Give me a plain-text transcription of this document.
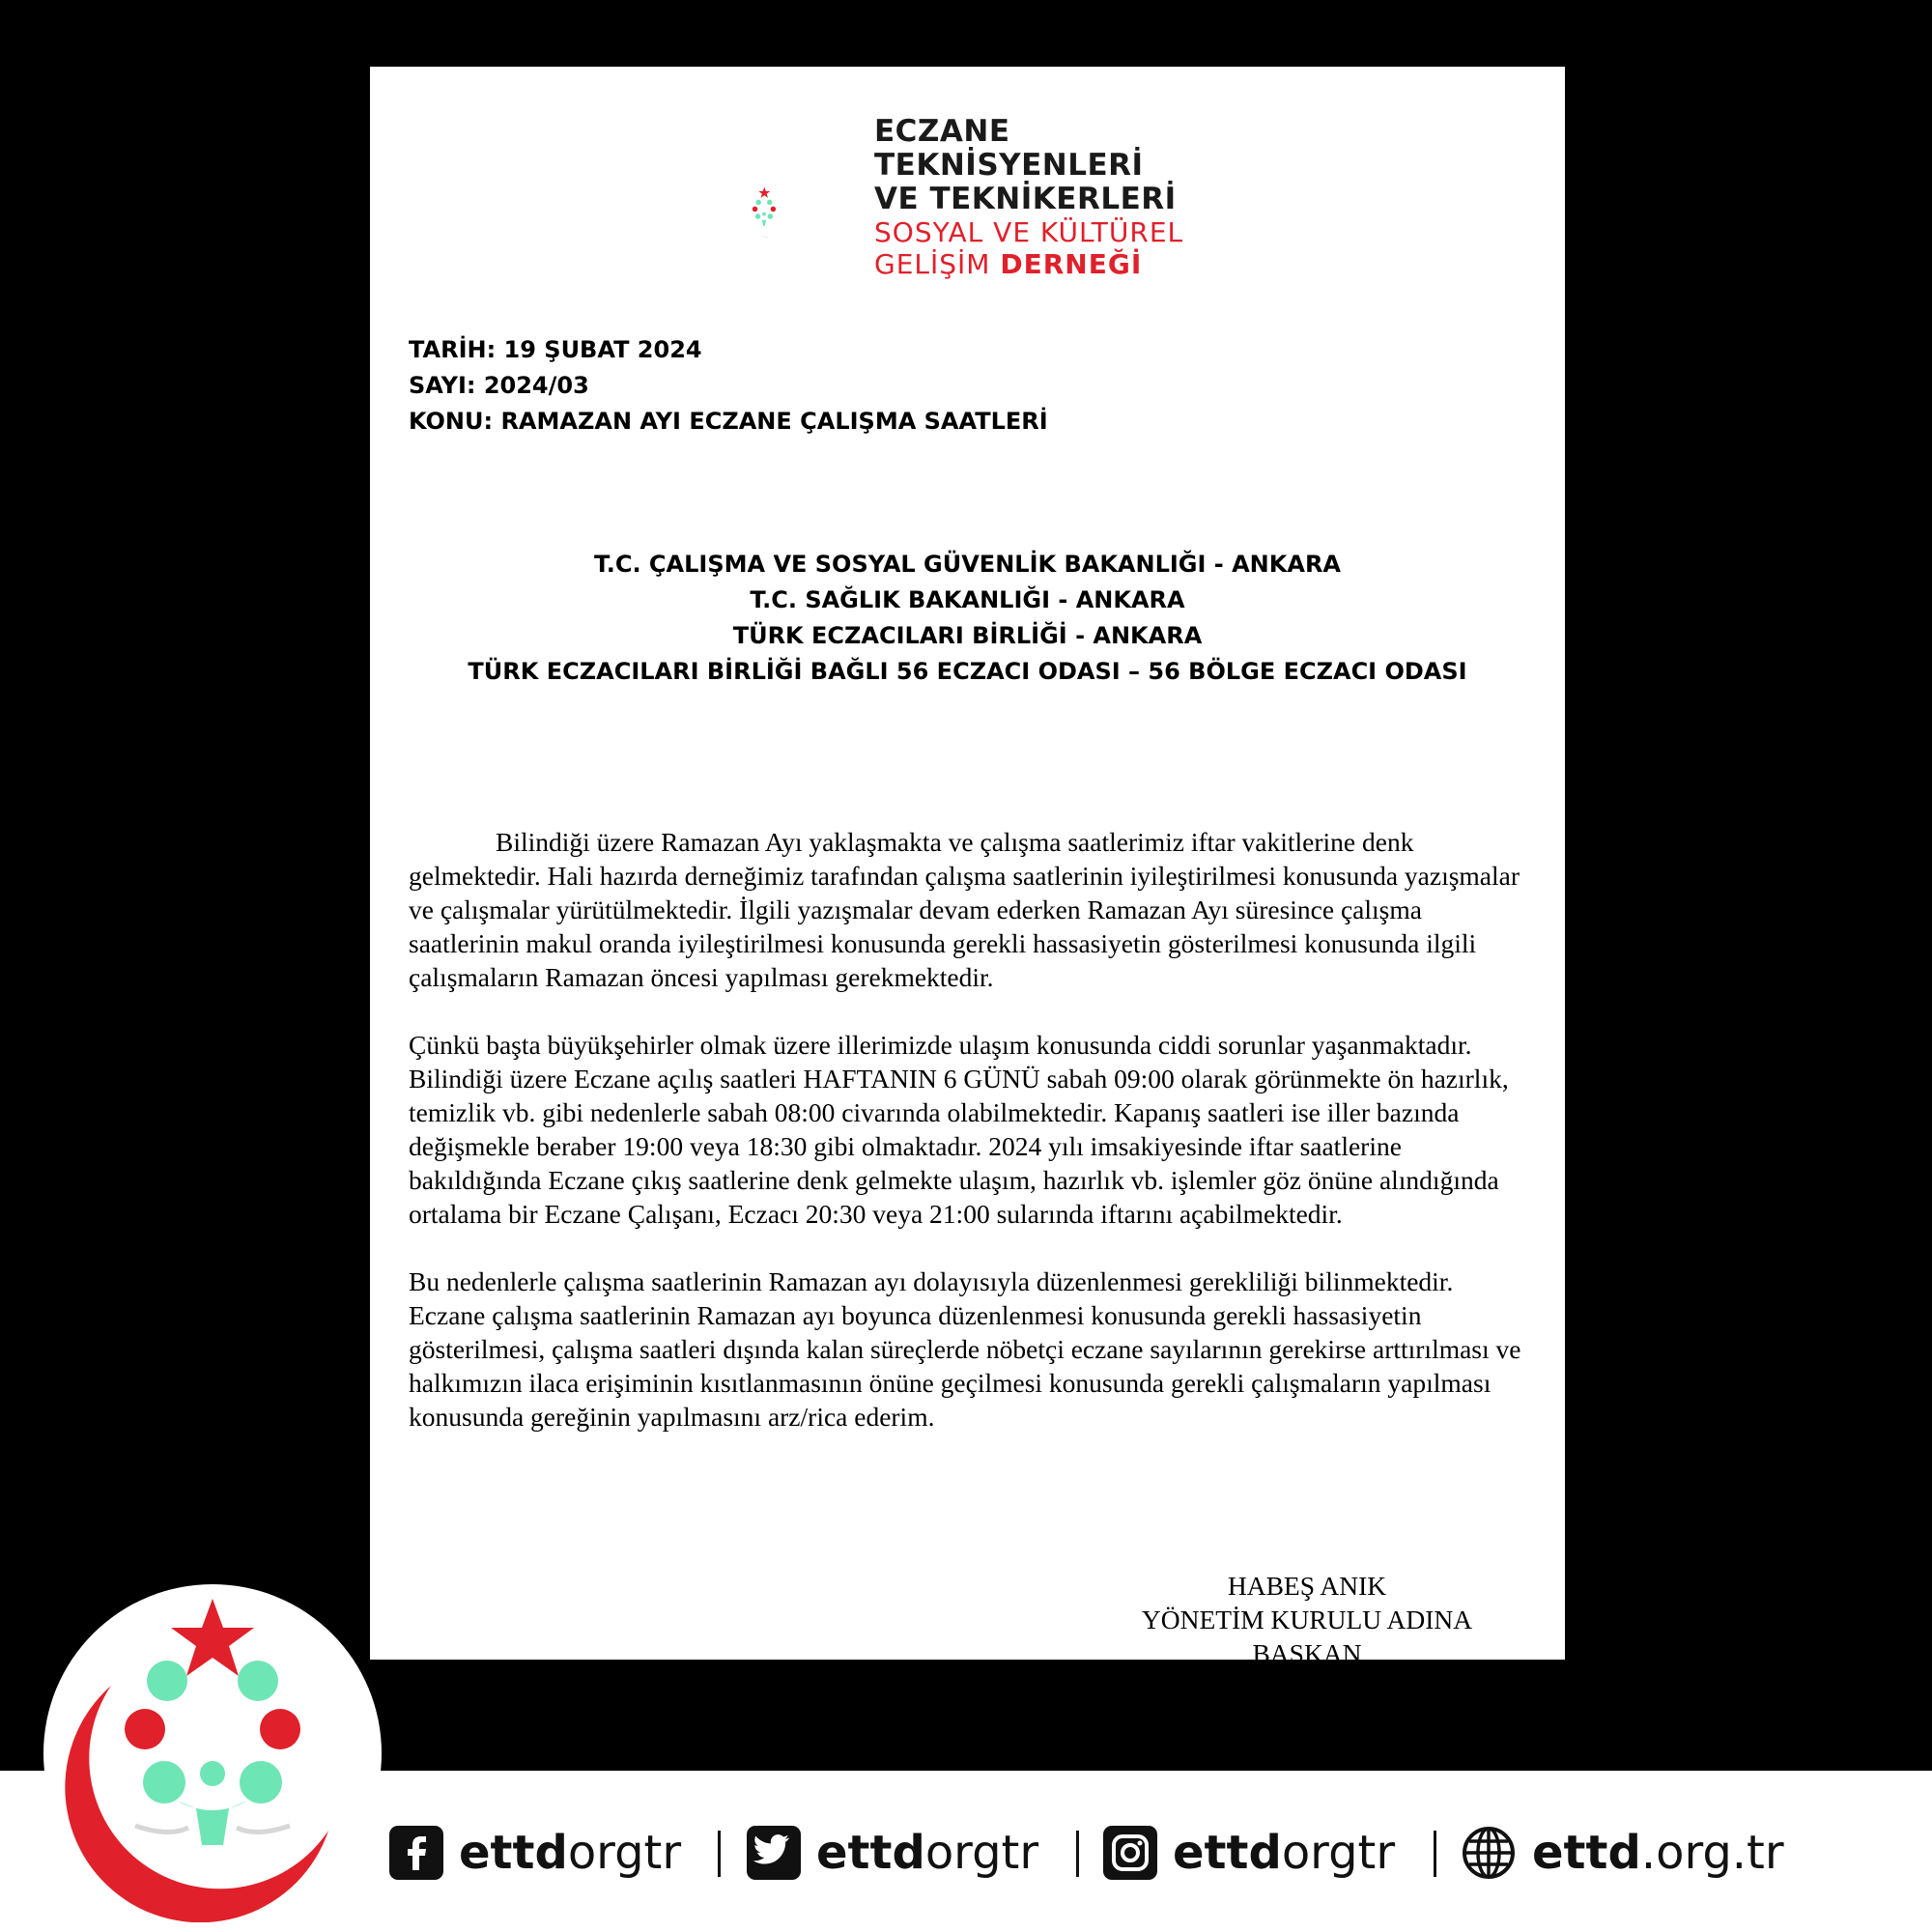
ECZANE
TEKNİSYENLERİ
VE TEKNİKERLERİ
SOSYAL VE KÜLTÜREL
GELİŞİM DERNEĞİ
TARİH: 19 ŞUBAT 2024
SAYI: 2024/03
KONU: RAMAZAN AYI ECZANE ÇALIŞMA SAATLERİ
T.C. ÇALIŞMA VE SOSYAL GÜVENLİK BAKANLIĞI - ANKARA
T.C. SAĞLIK BAKANLIĞI - ANKARA
TÜRK ECZACILARI BİRLİĞİ - ANKARA
TÜRK ECZACILARI BİRLİĞİ BAĞLI 56 ECZACI ODASI – 56 BÖLGE ECZACI ODASI

Bilindiği üzere Ramazan Ayı yaklaşmakta ve çalışma saatlerimiz iftar vakitlerine denk gelmektedir. Hali hazırda derneğimiz tarafından çalışma saatlerinin iyileştirilmesi konusunda yazışmalar ve çalışmalar yürütülmektedir. İlgili yazışmalar devam ederken Ramazan Ayı süresince çalışma saatlerinin makul oranda iyileştirilmesi konusunda gerekli hassasiyetin gösterilmesi konusunda ilgili çalışmaların Ramazan öncesi yapılması gerekmektedir.

Çünkü başta büyükşehirler olmak üzere illerimizde ulaşım konusunda ciddi sorunlar yaşanmaktadır. Bilindiği üzere Eczane açılış saatleri HAFTANIN 6 GÜNÜ sabah 09:00 olarak görünmekte ön hazırlık, temizlik vb. gibi nedenlerle sabah 08:00 civarında olabilmektedir. Kapanış saatleri ise iller bazında değişmekle beraber 19:00 veya 18:30 gibi olmaktadır. 2024 yılı imsakiyesinde iftar saatlerine bakıldığında Eczane çıkış saatlerine denk gelmekte ulaşım, hazırlık vb. işlemler göz önüne alındığında ortalama bir Eczane Çalışanı, Eczacı 20:30 veya 21:00 sularında iftarını açabilmektedir.

Bu nedenlerle çalışma saatlerinin Ramazan ayı dolayısıyla düzenlenmesi gerekliliği bilinmektedir. Eczane çalışma saatlerinin Ramazan ayı boyunca düzenlenmesi konusunda gerekli hassasiyetin gösterilmesi, çalışma saatleri dışında kalan süreçlerde nöbetçi eczane sayılarının gerekirse arttırılması ve halkımızın ilaca erişiminin kısıtlanmasının önüne geçilmesi konusunda gerekli çalışmaların yapılması konusunda gereğinin yapılmasını arz/rica ederim.

HABEŞ ANIK
YÖNETİM KURULU ADINA
BAŞKAN
ettdorgtr	ettdorgtr	ettdorgtr	ettd.org.tr
